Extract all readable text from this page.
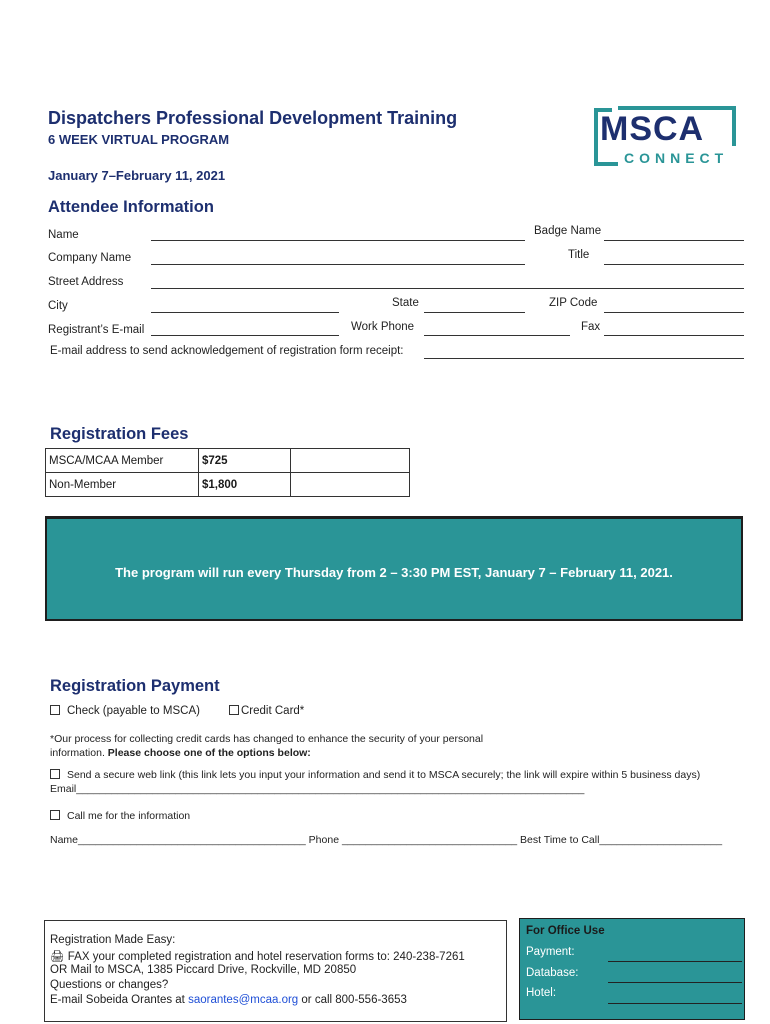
Dispatchers Professional Development Training
6 WEEK VIRTUAL PROGRAM
January 7–February 11, 2021
MSCA
CONNECT
Attendee Information
Name	Badge Name
Company Name	Title
Street Address
City	State	ZIP Code
Registrant’s E-mail	Work Phone	Fax
E-mail address to send acknowledgement of registration form receipt:
Registration Fees
MSCA/MCAA Member	$725	
Non-Member	$1,800	
The program will run every Thursday from 2 – 3:30 PM EST, January 7 – February 11, 2021.
Registration Payment
Check (payable to MSCA)	Credit Card*
*Our process for collecting credit cards has changed to enhance the security of your personal
information. Please choose one of the options below:
Send a secure web link (this link lets you input your information and send it to MSCA securely; the link will expire within 5 business days)
Email_______________________________________________________________________________________
Call me for the information
Name_______________________________________ Phone ______________________________ Best Time to Call_____________________
Registration Made Easy:
🖨 FAX your completed registration and hotel reservation forms to: 240-238-7261
OR Mail to MSCA, 1385 Piccard Drive, Rockville, MD 20850
Questions or changes?
E-mail Sobeida Orantes at saorantes@mcaa.org or call 800-556-3653
For Office Use
Payment:
Database:
Hotel:
